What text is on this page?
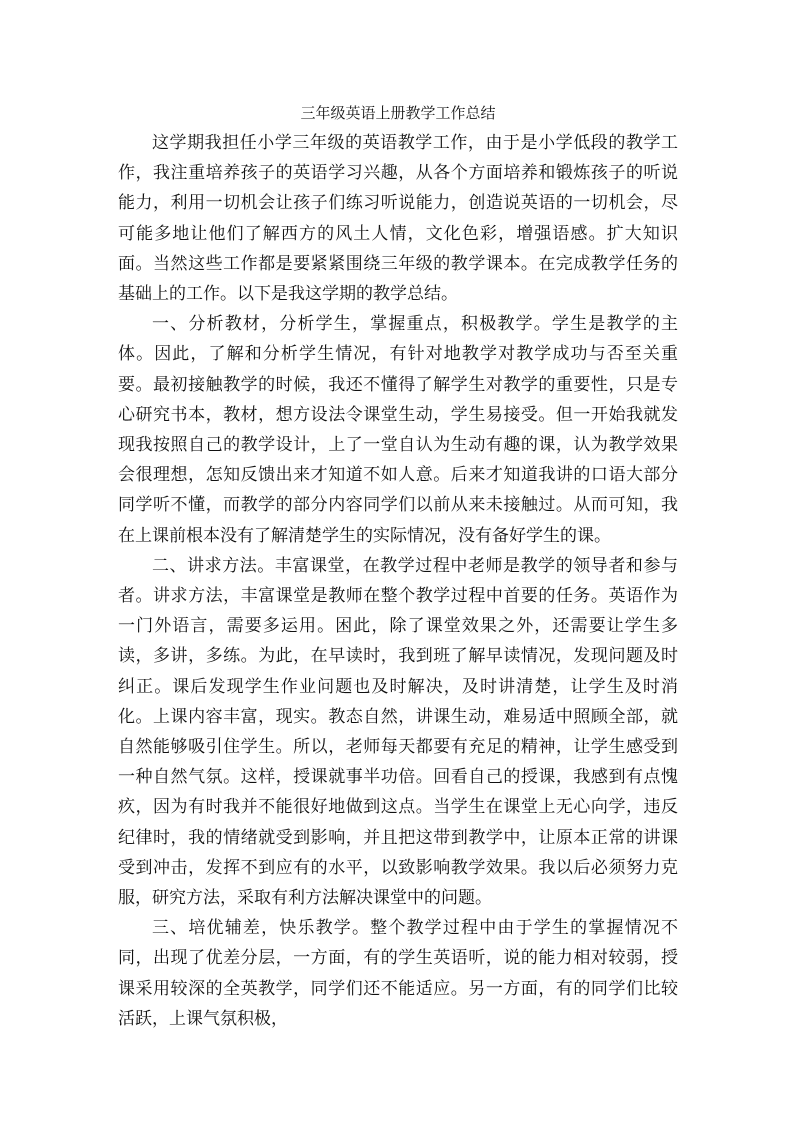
三年级英语上册教学工作总结

这学期我担任小学三年级的英语教学工作，由于是小学低段的教学工作，我注重培养孩子的英语学习兴趣，从各个方面培养和锻炼孩子的听说能力，利用一切机会让孩子们练习听说能力，创造说英语的一切机会，尽可能多地让他们了解西方的风土人情，文化色彩，增强语感。扩大知识面。当然这些工作都是要紧紧围绕三年级的教学课本。在完成教学任务的基础上的工作。以下是我这学期的教学总结。

一、分析教材，分析学生，掌握重点，积极教学。学生是教学的主体。因此，了解和分析学生情况，有针对地教学对教学成功与否至关重要。最初接触教学的时候，我还不懂得了解学生对教学的重要性，只是专心研究书本，教材，想方设法令课堂生动，学生易接受。但一开始我就发现我按照自己的教学设计，上了一堂自认为生动有趣的课，认为教学效果会很理想，怎知反馈出来才知道不如人意。后来才知道我讲的口语大部分同学听不懂，而教学的部分内容同学们以前从来未接触过。从而可知，我在上课前根本没有了解清楚学生的实际情况，没有备好学生的课。

二、讲求方法。丰富课堂，在教学过程中老师是教学的领导者和参与者。讲求方法，丰富课堂是教师在整个教学过程中首要的任务。英语作为一门外语言，需要多运用。困此，除了课堂效果之外，还需要让学生多读，多讲，多练。为此，在早读时，我到班了解早读情况，发现问题及时纠正。课后发现学生作业问题也及时解决，及时讲清楚，让学生及时消化。上课内容丰富，现实。教态自然，讲课生动，难易适中照顾全部，就自然能够吸引住学生。所以，老师每天都要有充足的精神，让学生感受到一种自然气氛。这样，授课就事半功倍。回看自己的授课，我感到有点愧疚，因为有时我并不能很好地做到这点。当学生在课堂上无心向学，违反纪律时，我的情绪就受到影响，并且把这带到教学中，让原本正常的讲课受到冲击，发挥不到应有的水平，以致影响教学效果。我以后必须努力克服，研究方法，采取有利方法解决课堂中的问题。

三、培优辅差，快乐教学。整个教学过程中由于学生的掌握情况不同，出现了优差分层，一方面，有的学生英语听，说的能力相对较弱，授课采用较深的全英教学，同学们还不能适应。另一方面，有的同学们比较活跃，上课气氛积极，
